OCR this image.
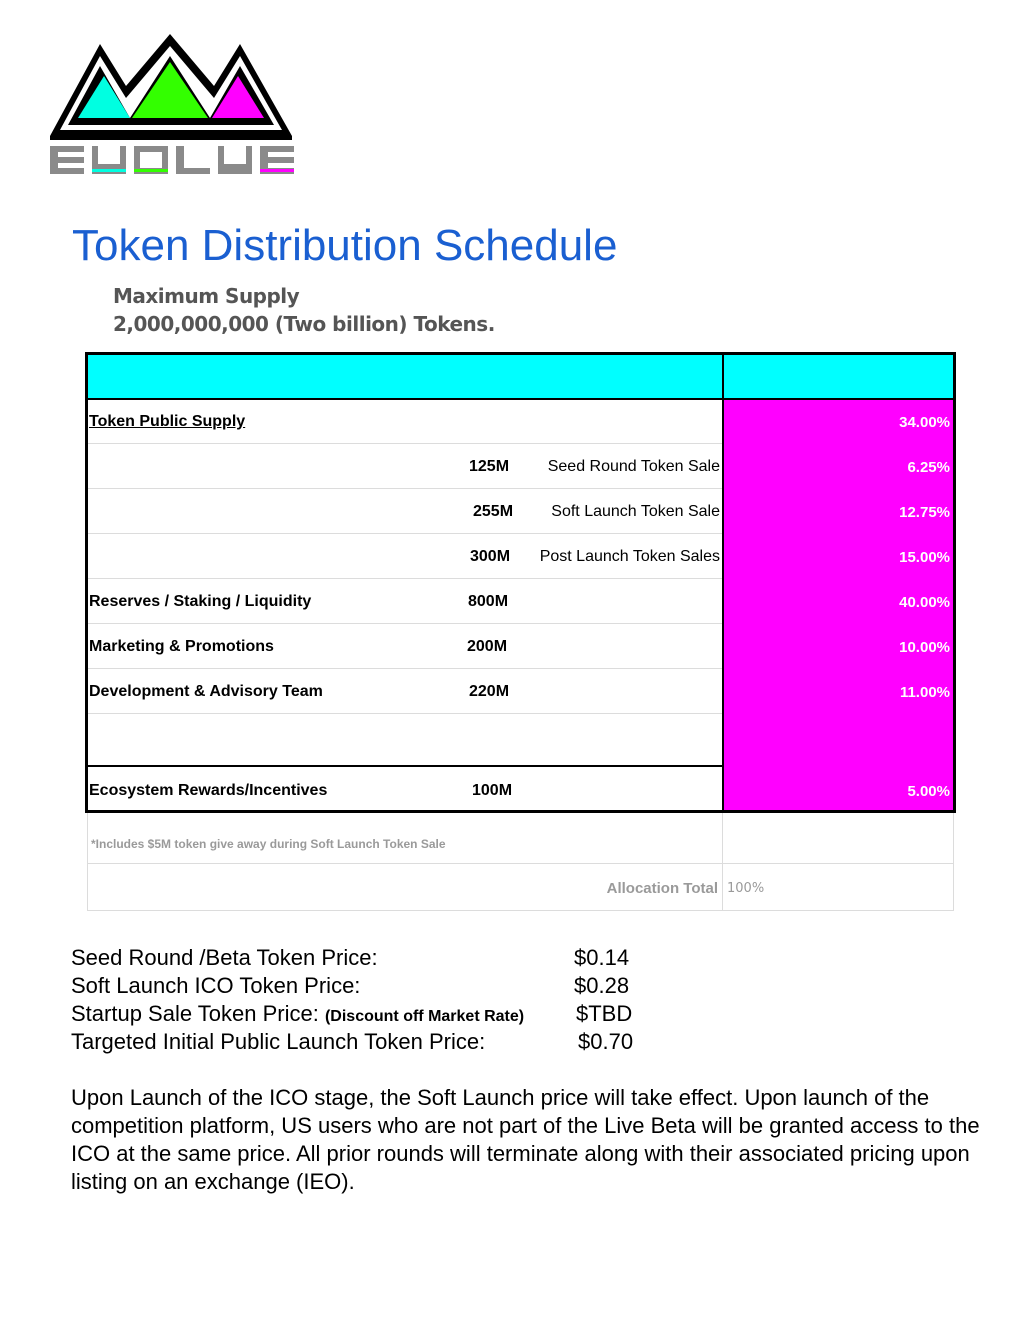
EVOLVE
Token Distribution Schedule
Maximum Supply
2,000,000,000 (Two billion) Tokens.
Token Public Supply	34.00%
125M Seed Round Token Sale	6.25%
255M Soft Launch Token Sale	12.75%
300M Post Launch Token Sales	15.00%
Reserves / Staking / Liquidity	800M	40.00%
Marketing & Promotions	200M	10.00%
Development & Advisory Team	220M	11.00%
Ecosystem Rewards/Incentives	100M	5.00%
*Includes $5M token give away during Soft Launch Token Sale
Allocation Total 100%
Seed Round /Beta Token Price:	$0.14
Soft Launch ICO Token Price:	$0.28
Startup Sale Token Price: (Discount off Market Rate) $TBD
Targeted Initial Public Launch Token Price:	$0.70

Upon Launch of the ICO stage, the Soft Launch price will take effect. Upon launch of the competition platform, US users who are not part of the Live Beta will be granted access to the ICO at the same price. All prior rounds will terminate along with their associated pricing upon listing on an exchange (IEO).
